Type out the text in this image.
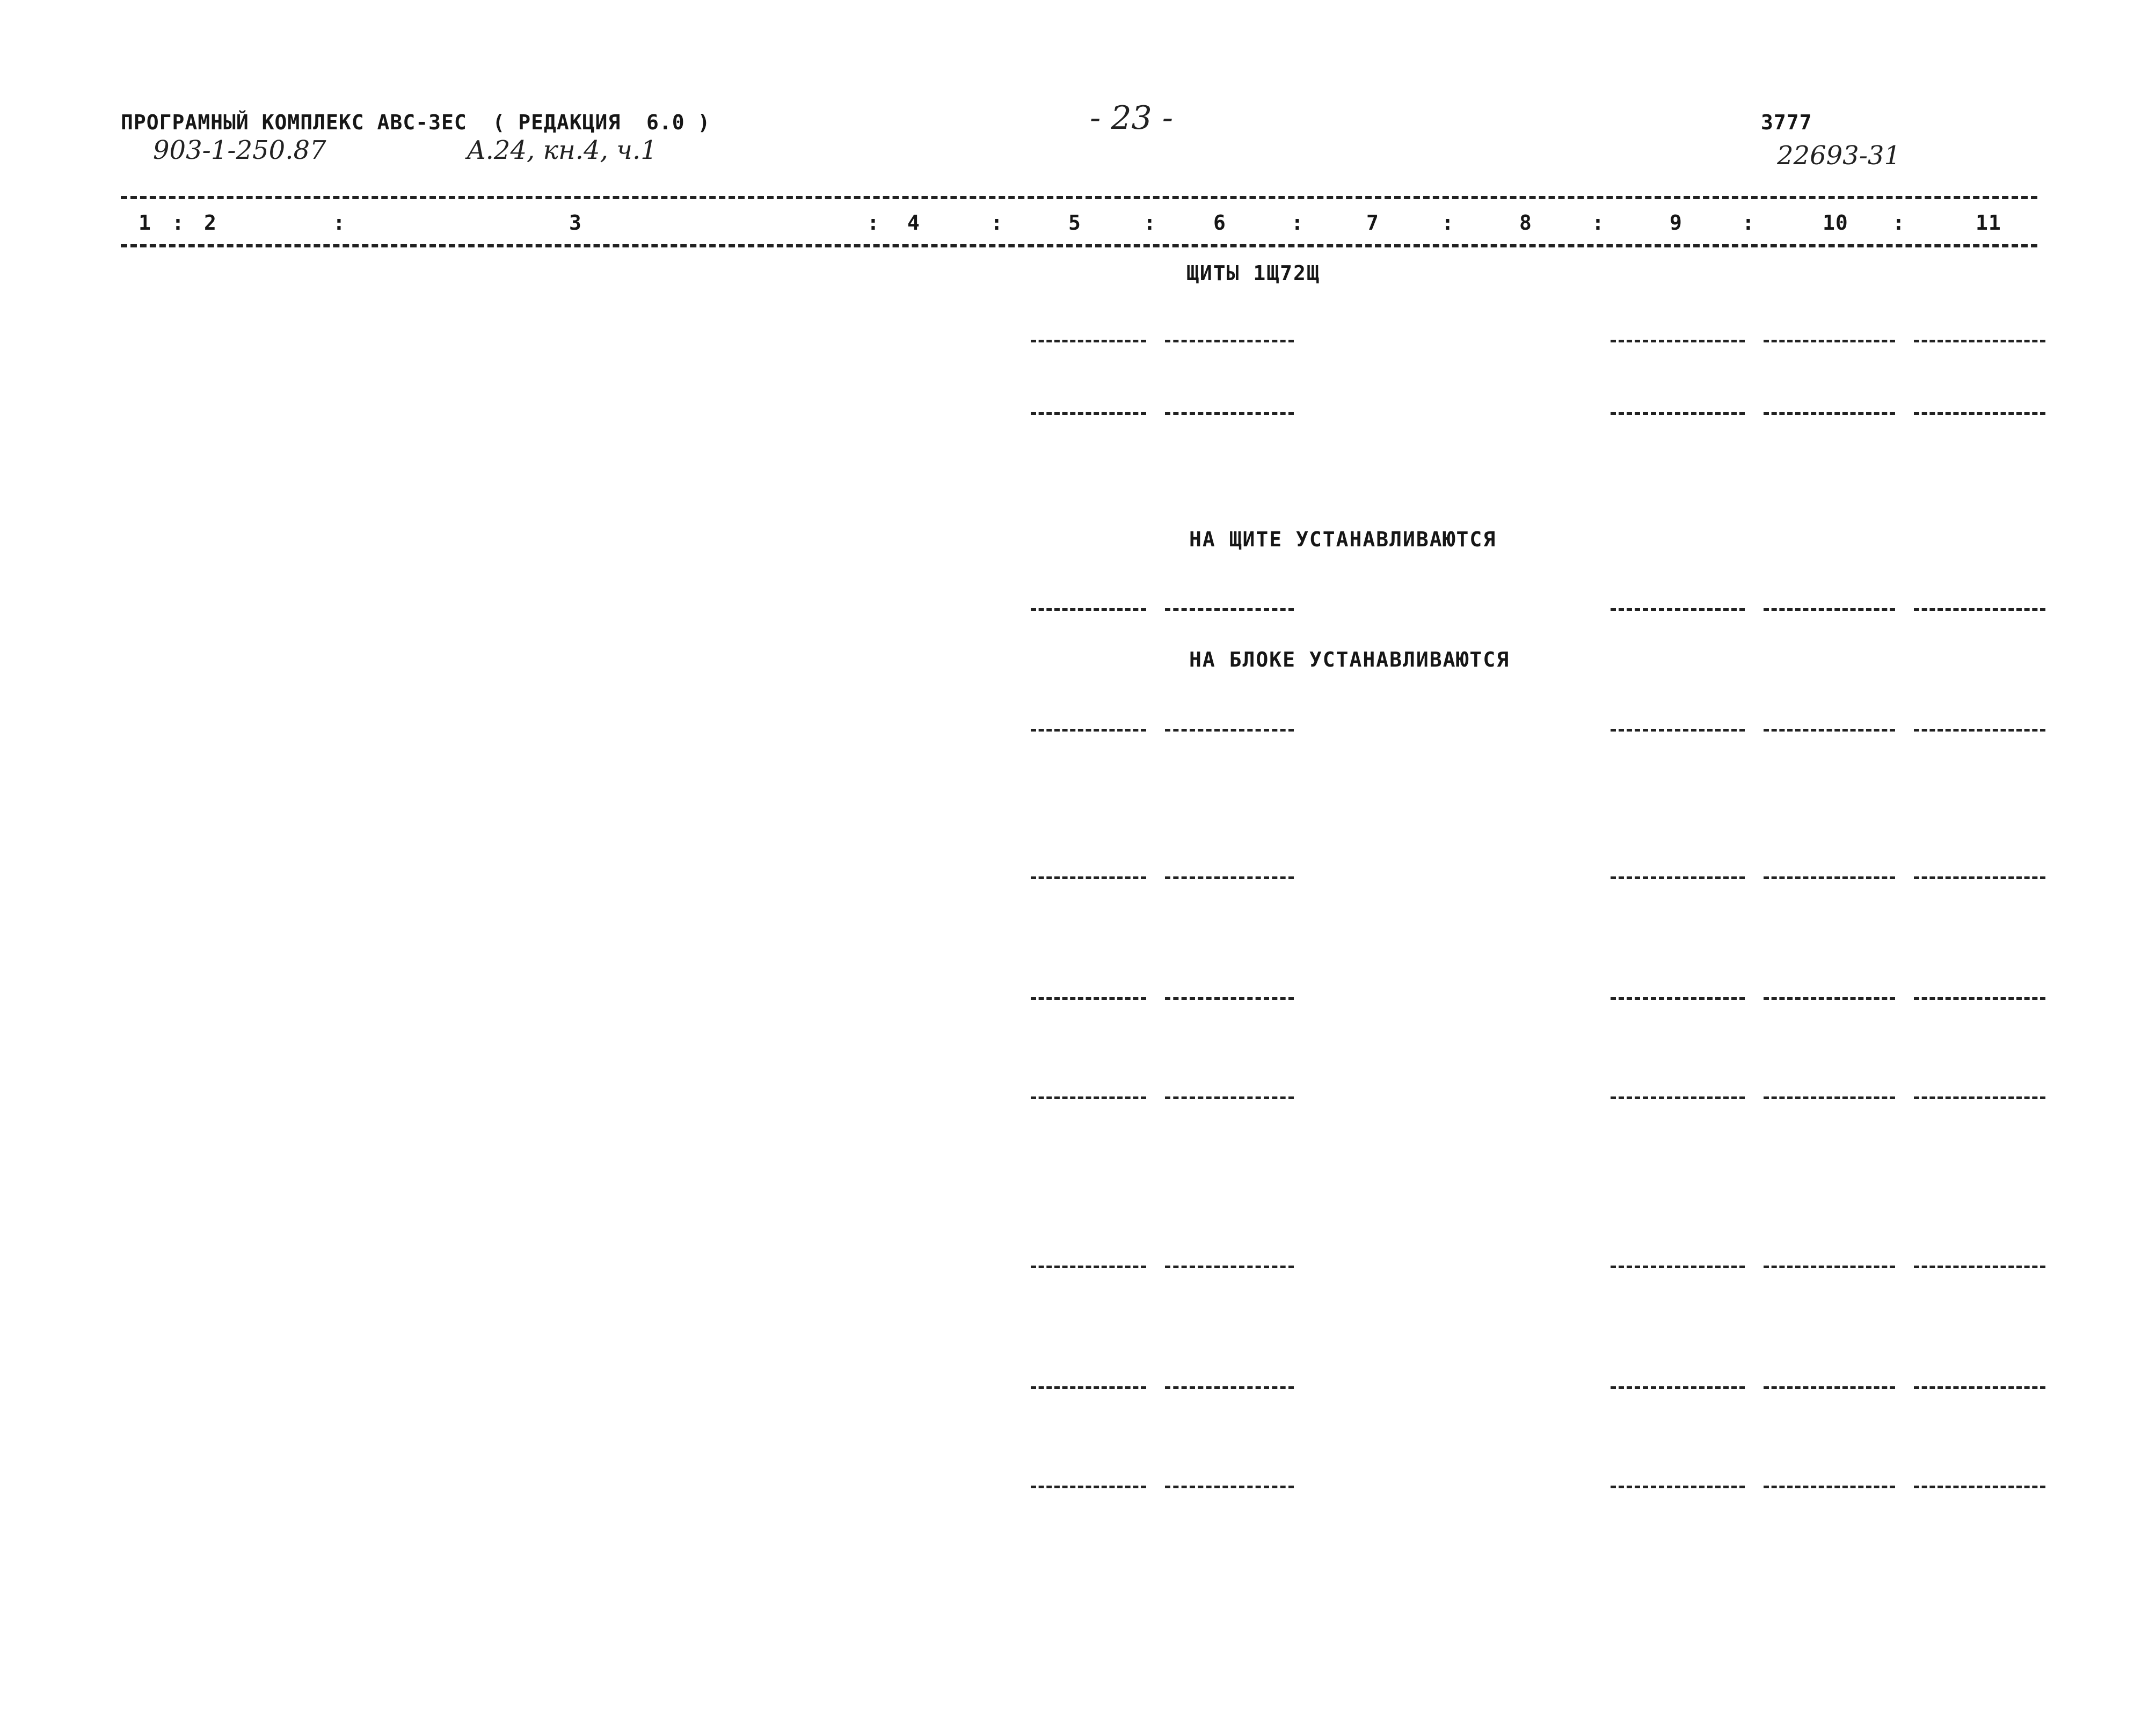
ПРОГРАМНЫЙ КОМПЛЕКС АВС-ЗЕС  ( РЕДАКЦИЯ  6.0 )
903-1-250.87	A.24, кн.4, ч.1
- 23 -	3777
22693-31
1	2	3	4	5	6	7	8	9	10	11
:	:	:	:	:	:	:	:	:	:
ЩИТЫ 1Щ72Щ
НА ЩИТЕ УСТАНАВЛИВАЮТСЯ
НА БЛОКЕ УСТАНАВЛИВАЮТСЯ
